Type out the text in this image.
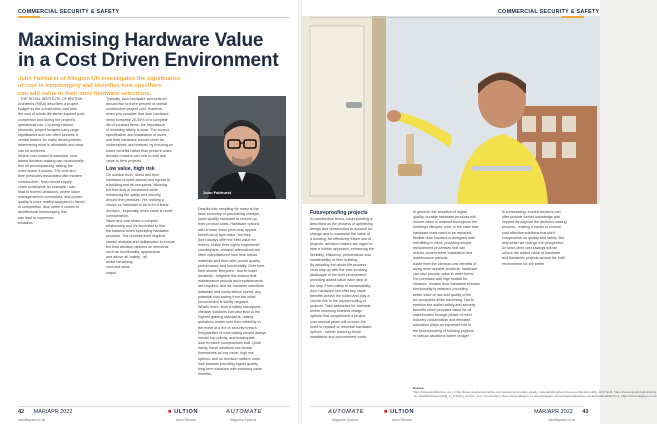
COMMERCIAL SECURITY & SAFETY
Maximising Hardware Value
in a Cost Driven Environment
John Fairhurst of Allegion UK investigates the significance
of cost in ironmongery and identifies how specifiers
can add value to their door hardware selections.

- THE ROYAL INSTITUTE OF BRITISH

Architects (RIBA) describes a project

budget as the construction cost plus

the cost of whole-life items required post-

completion and during the project's

operational use. Covering various

elements, project budgets carry huge

significance and can often become a

central feature for many developments,

determining what is affordable and what

can be achieved.

Where cost control is essential, cost-

based decision making can occasionally

feel all-encompassing, raising the

more where it counts. The cost and

time pressures associated with modern

construction - from record supply

chain constraints for example - can

lead to hurried decisions, where value

management is overlooked, and poorer

quality is more readily accepted in favour

of competition. And, when it comes to

architectural ironmongery, this

can lead to expensive

mistakes.

Typically, door hardware accounts for

around two to three percent of overall

construction project cost. However,

when you consider that door hardware

items comprise 20-30% of a complete

list of contract items, the importance

of investing wisely is clear. The correct

specification and installation of doors

and their hardware should never be

undervalued, and instead, by focusing on

future benefits rather than present costs,

decision makers can look to add real

value to their projects.

Low value, high risk

On surface level, doors and their

hardware provide access and egress to

a building and its occupants, allowing

the free flow of movement while

enhancing fire safety and security

around the premises. Yet, making a

choice on hardware is far from a linear

decision - especially when value is under

consideration.

Value and cost share a complex

relationship and it's important to find

the balance when specifying hardware

products. The process itself requires

careful analysis and deliberation to ensure

the final decision delivers on elements

such as functionality, appearance

and above all, safety - all

whilst remaining

cost and value

output.

John Fairhurst

Despite this, tempting for many is the

false economy of purchasing cheaper,

lower-quality hardware to reduce up-

front product costs. Hardware options

with a lower ticket price may appear

beneficial at face value, but they

don't always offer the best value for

money. Unlike their highly engineered

counterparts, cheaper alternatives are

often manufactured from less robust

materials and thus offer poorer quality,

performance and functionality. Over time,

their shorter lifecycles - due to lower

durability - heighten the chance that

maintenance periods and replacements

are required. And so, between substitute

materials and costly labour spend, any

potential cost saving from the initial

procurement is swiftly negated.

What's more, from a safety standpoint,

cheaper solutions can also lead to the

highest grading standards, raising

questions marks over their reliability in

the event of a fire or security breach.

Irregularities of cost cutting should always

remain top priority, and inadequate

door furniture compromises that. Quite

easily, these solutions can reveal

themselves as low value, high risk

options, and so decision makers must

look towards providing higher quality,

long-term solutions with enduring value

benefits.

42 MAR/APR 2022
ludmillapracs.co.uk
■ ULTION
Issue Selector
AUTOMATE
Magazine Sponsor
COMMERCIAL SECURITY & SAFETY
Futureproofing projects

In construction terms, futureproofing is

described as the process of optimising

design and construction to account for

change and to maximise the value of

a building, for effectively future use of

projects, decision makers are urged to

take a holistic approach, enhancing the

flexibility, efficiency, performance and

sustainability of their building.

By adopting the whole-life process

clear way up with the ever-evolving

landscape of the built environment,

providing added value each step of

the way. From safety to sustainability,

door hardware can offer key value

benefits across the board and play a

crucial role in the futureproofing of

projects. Take aesthetics for example,

where choosing timeless design

options that complement a project

over several years will remove the

need to replace or refurbish hardware

options - further lowering future

installation and procurement costs.

In general, the adoption of higher

quality, durable hardware products will

ensure value is retained throughout the

building's lifecycle. And, in the case that

hardware does need to be replaced,

flexible door furniture is designed with

retrofitting in mind, providing simple

replacement processes that can

reduce cumbersome installation and

maintenance periods.

Aside from the obvious cost benefits of

using more durable products, hardware

can also provide value in other forms.

For premises with high footfall for

instance, durable door hardware ensures

functionality is retained, providing

better ease of use and quality of life

for occupants when traversing. Not to

mention the added safety and security

benefits which provides value for all

stakeholders through peace of mind.

Industry collaboration and elevated

education plays an important role in

the futureproofing of building projects

in various situations where budget

is constraining, trusted advisers can

offer provide further knowledge and

support throughout the decision making

process - making it easier to choose

cost-effective solutions that don't

compromise on quality and safety. But

only when we change the perspective

on short-term cost savings will we

unlock the added value of hardware

and transform projects across the built

environment for the better.

Source:
https://www.architecture.com, https://www.ucadvertspractice.com/guide/construction-quality-materials/lengthen-the-asset-life-and-utility, 2017 EU1, https://www.designingbuildings
.co.uk/wiki/futureproofing_in_building_design_and_construction, https://www.allegion.co.uk/en/allegion-stories/topics/hardware-value/sustainability.html, https://www.allegion.co.uk
AUTOMATE
Magazine Sponsor
■ ULTION
Issue Selector
MAR/APR 2022 43
ludmillapracs.co.uk
